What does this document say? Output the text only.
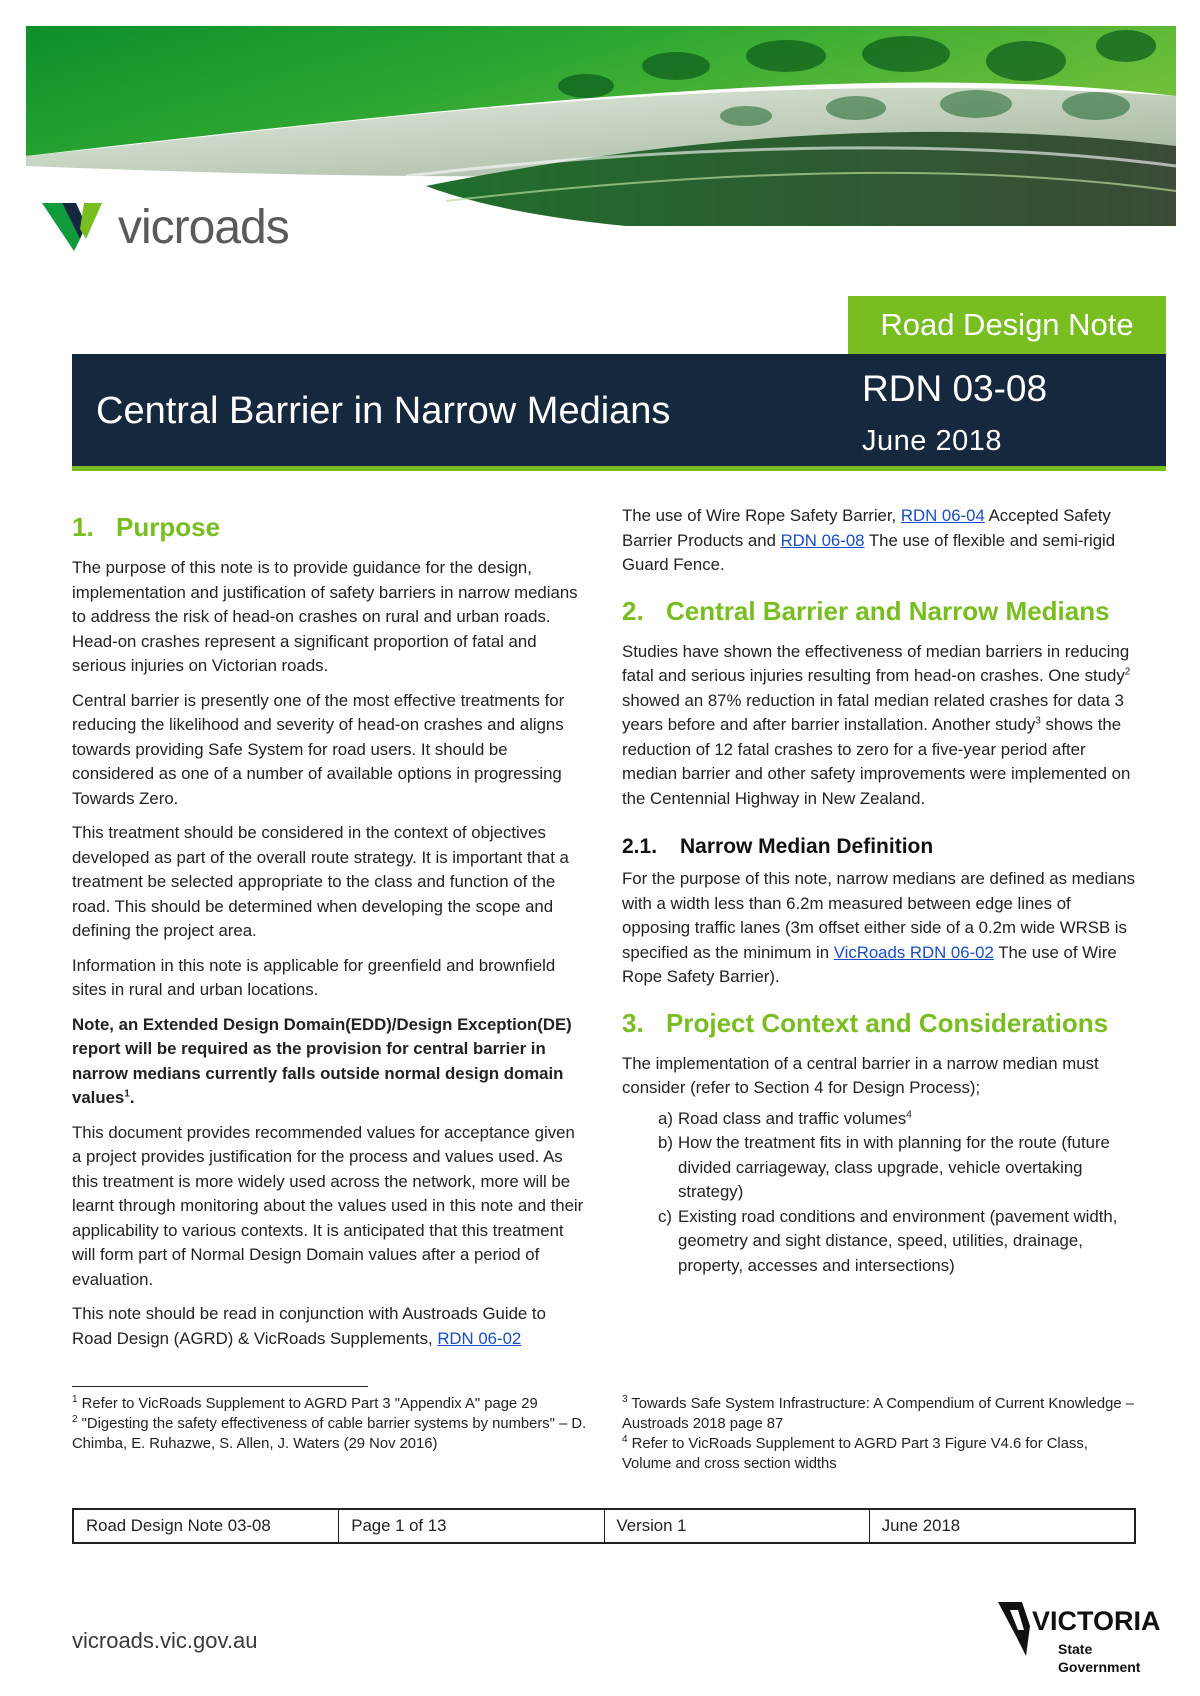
vicroads
Road Design Note
Central Barrier in Narrow Medians
RDN 03-08
June 2018
1. Purpose

The purpose of this note is to provide guidance for the design, implementation and justification of safety barriers in narrow medians to address the risk of head-on crashes on rural and urban roads. Head-on crashes represent a significant proportion of fatal and serious injuries on Victorian roads.

Central barrier is presently one of the most effective treatments for reducing the likelihood and severity of head-on crashes and aligns towards providing Safe System for road users. It should be considered as one of a number of available options in progressing Towards Zero.

This treatment should be considered in the context of objectives developed as part of the overall route strategy. It is important that a treatment be selected appropriate to the class and function of the road. This should be determined when developing the scope and defining the project area.

Information in this note is applicable for greenfield and brownfield sites in rural and urban locations.

Note, an Extended Design Domain(EDD)/Design Exception(DE) report will be required as the provision for central barrier in narrow medians currently falls outside normal design domain values$^1$.

This document provides recommended values for acceptance given a project provides justification for the process and values used. As this treatment is more widely used across the network, more will be learnt through monitoring about the values used in this note and their applicability to various contexts. It is anticipated that this treatment will form part of Normal Design Domain values after a period of evaluation.

This note should be read in conjunction with Austroads Guide to Road Design (AGRD) & VicRoads Supplements, RDN 06-02

The use of Wire Rope Safety Barrier, RDN 06-04 Accepted Safety Barrier Products and RDN 06-08 The use of flexible and semi-rigid Guard Fence.

2. Central Barrier and Narrow Medians

Studies have shown the effectiveness of median barriers in reducing fatal and serious injuries resulting from head-on crashes. One study$^2$ showed an 87% reduction in fatal median related crashes for data 3 years before and after barrier installation. Another study$^3$ shows the reduction of 12 fatal crashes to zero for a five-year period after median barrier and other safety improvements were implemented on the Centennial Highway in New Zealand.

2.1.	Narrow Median Definition

For the purpose of this note, narrow medians are defined as medians with a width less than 6.2m measured between edge lines of opposing traffic lanes (3m offset either side of a 0.2m wide WRSB is specified as the minimum in VicRoads RDN 06-02 The use of Wire Rope Safety Barrier).

3. Project Context and Considerations

The implementation of a central barrier in a narrow median must consider (refer to Section 4 for Design Process);

a) Road class and traffic volumes$^4$
b) How the treatment fits in with planning for the route (future divided carriageway, class upgrade, vehicle overtaking strategy)
c) Existing road conditions and environment (pavement width, geometry and sight distance, speed, utilities, drainage, property, accesses and intersections)
$^1$ Refer to VicRoads Supplement to AGRD Part 3 "Appendix A" page 29
$^2$ "Digesting the safety effectiveness of cable barrier systems by numbers" – D. Chimba, E. Ruhazwe, S. Allen, J. Waters (29 Nov 2016)
$^3$ Towards Safe System Infrastructure: A Compendium of Current Knowledge – Austroads 2018 page 87
$^4$ Refer to VicRoads Supplement to AGRD Part 3 Figure V4.6 for Class, Volume and cross section widths
Road Design Note 03-08	Page 1 of 13	Version 1	June 2018
vicroads.vic.gov.au
VICTORIA
State
Government
